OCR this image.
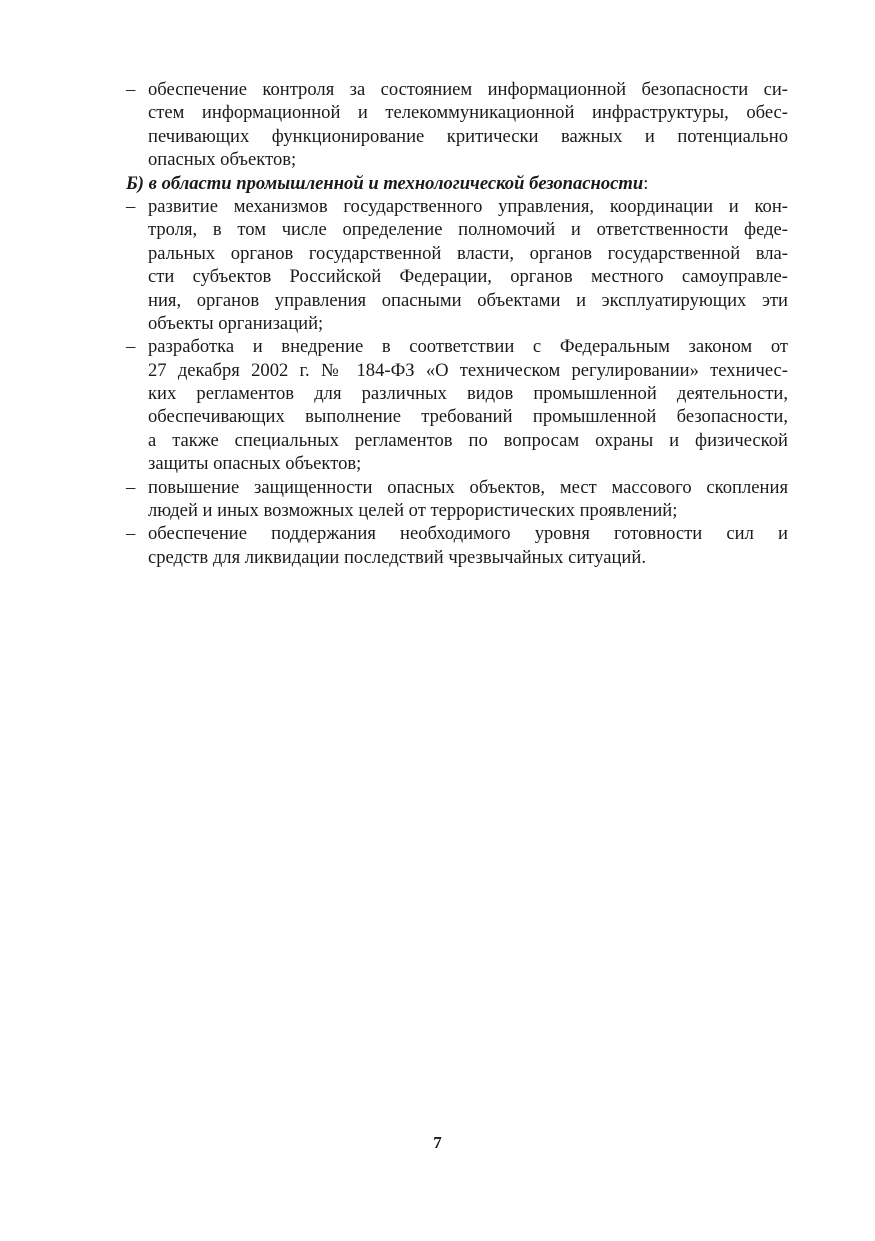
– обеспечение контроля за состоянием информационной безопасности си-
стем информационной и телекоммуникационной инфраструктуры, обес-
печивающих функционирование критически важных и потенциально
опасных объектов;
Б) в области промышленной и технологической безопасности:
– развитие механизмов государственного управления, координации и кон-
троля, в том числе определение полномочий и ответственности феде-
ральных органов государственной власти, органов государственной вла-
сти субъектов Российской Федерации, органов местного самоуправле-
ния, органов управления опасными объектами и эксплуатирующих эти
объекты организаций;
– разработка и внедрение в соответствии с Федеральным законом от
27 декабря 2002 г. № 184-ФЗ «О техническом регулировании» техничес-
ких регламентов для различных видов промышленной деятельности,
обеспечивающих выполнение требований промышленной безопасности,
а также специальных регламентов по вопросам охраны и физической
защиты опасных объектов;
– повышение защищенности опасных объектов, мест массового скопления
людей и иных возможных целей от террористических проявлений;
– обеспечение поддержания необходимого уровня готовности сил и
средств для ликвидации последствий чрезвычайных ситуаций.
7
